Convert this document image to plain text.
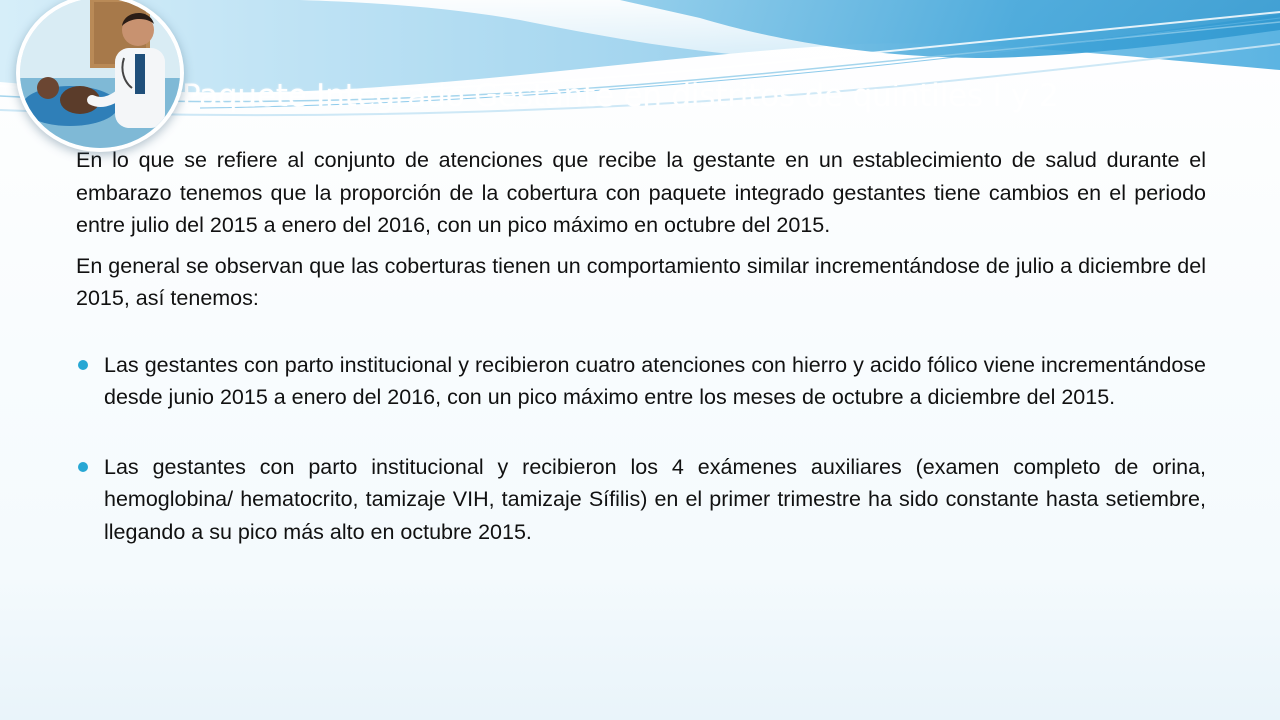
Paquete Integrado Gestante en distritos de quintiles I y 2

En lo que se refiere al conjunto de atenciones que recibe la gestante en un establecimiento de salud durante el embarazo tenemos que la proporción de la cobertura con paquete integrado gestantes tiene cambios en el periodo entre julio del 2015 a enero del 2016, con un pico máximo en octubre del 2015.

En general se observan que las coberturas tienen un comportamiento similar incrementándose de julio a diciembre del 2015, así tenemos:

Las gestantes con parto institucional y recibieron cuatro atenciones con hierro y acido fólico viene incrementándose desde junio 2015 a enero del 2016, con un pico máximo entre los meses de octubre a diciembre del 2015.
Las gestantes con parto institucional y recibieron los 4 exámenes auxiliares (examen completo de orina, hemoglobina/ hematocrito, tamizaje VIH, tamizaje Sífilis) en el primer trimestre ha sido constante hasta setiembre, llegando a su pico más alto en octubre 2015.
